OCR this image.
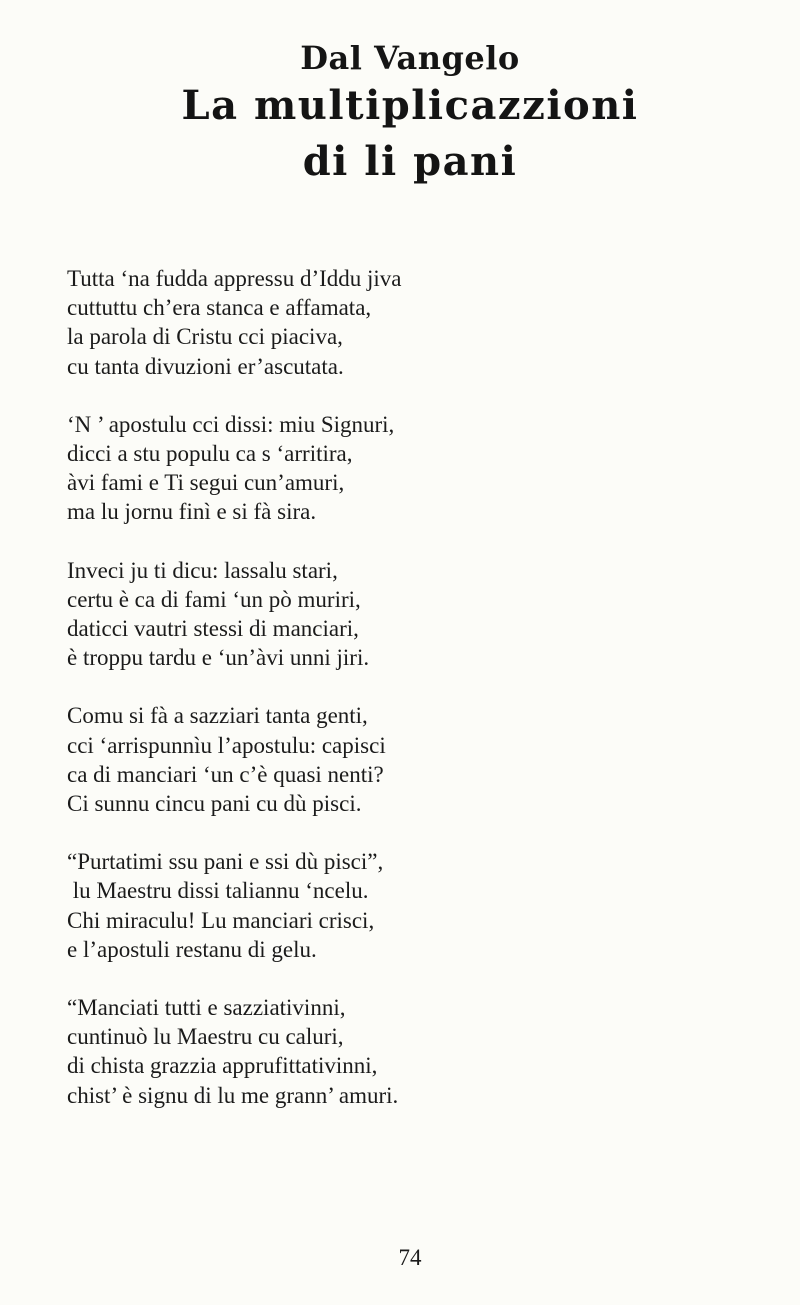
Dal Vangelo
La multiplicazzioni
di li pani
Tutta ‘na fudda appressu d’Iddu jiva
cuttuttu ch’era stanca e affamata,
la parola di Cristu cci piaciva,
cu tanta divuzioni er’ascutata.
‘N ’ apostulu cci dissi: miu Signuri,
dicci a stu populu ca s ‘arritira,
àvi fami e Ti segui cun’amuri,
ma lu jornu finì e si fà sira.
Inveci ju ti dicu: lassalu stari,
certu è ca di fami ‘un pò muriri,
daticci vautri stessi di manciari,
è troppu tardu e ‘un’àvi unni jiri.
Comu si fà a sazziari tanta genti,
cci ‘arrispunnìu l’apostulu: capisci
ca di manciari ‘un c’è quasi nenti?
Ci sunnu cincu pani cu dù pisci.
“Purtatimi ssu pani e ssi dù pisci”,
lu Maestru dissi taliannu ‘ncelu.
Chi miraculu! Lu manciari crisci,
e l’apostuli restanu di gelu.
“Manciati tutti e sazziativinni,
cuntinuò lu Maestru cu caluri,
di chista grazzia apprufittativinni,
chist’ è signu di lu me grann’ amuri.
74
